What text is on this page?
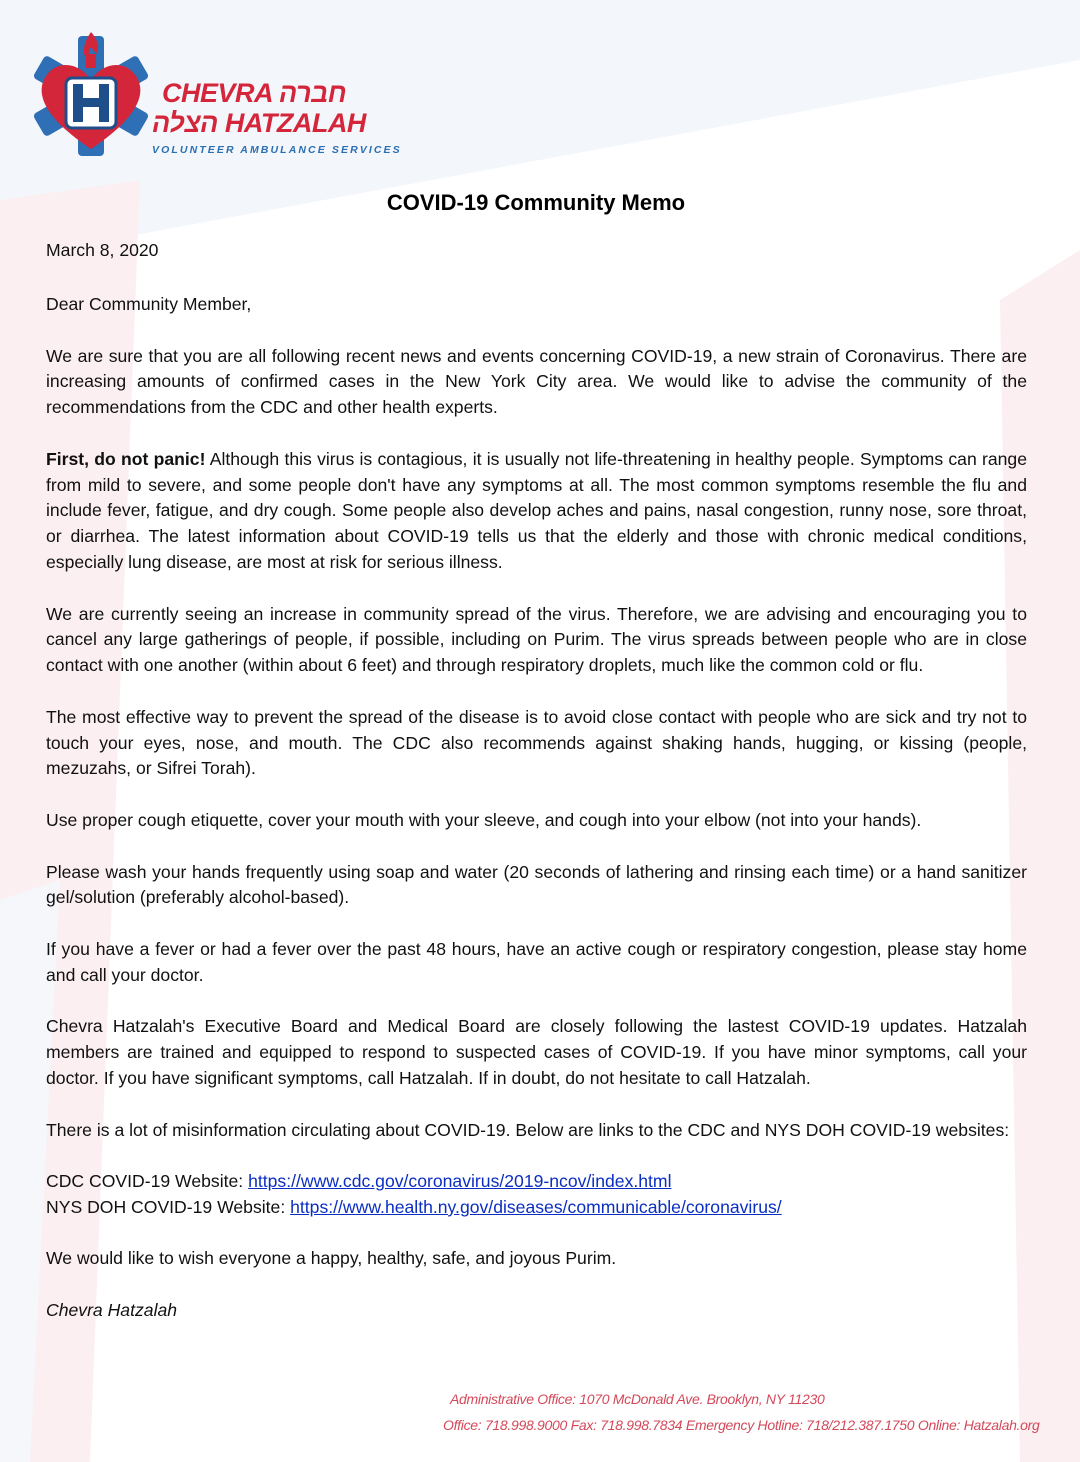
CHEVRA חברה
הצלה HATZALAH
VOLUNTEER AMBULANCE SERVICES
COVID-19 Community Memo

March 8, 2020

Dear Community Member,

We are sure that you are all following recent news and events concerning COVID-19, a new strain of Coronavirus. There are increasing amounts of confirmed cases in the New York City area. We would like to advise the community of the recommendations from the CDC and other health experts.

First, do not panic! Although this virus is contagious, it is usually not life-threatening in healthy people. Symptoms can range from mild to severe, and some people don't have any symptoms at all. The most common symptoms resemble the flu and include fever, fatigue, and dry cough. Some people also develop aches and pains, nasal congestion, runny nose, sore throat, or diarrhea. The latest information about COVID-19 tells us that the elderly and those with chronic medical conditions, especially lung disease, are most at risk for serious illness.

We are currently seeing an increase in community spread of the virus. Therefore, we are advising and encouraging you to cancel any large gatherings of people, if possible, including on Purim. The virus spreads between people who are in close contact with one another (within about 6 feet) and through respiratory droplets, much like the common cold or flu.

The most effective way to prevent the spread of the disease is to avoid close contact with people who are sick and try not to touch your eyes, nose, and mouth. The CDC also recommends against shaking hands, hugging, or kissing (people, mezuzahs, or Sifrei Torah).

Use proper cough etiquette, cover your mouth with your sleeve, and cough into your elbow (not into your hands).

Please wash your hands frequently using soap and water (20 seconds of lathering and rinsing each time) or a hand sanitizer gel/solution (preferably alcohol-based).

If you have a fever or had a fever over the past 48 hours, have an active cough or respiratory congestion, please stay home and call your doctor.

Chevra Hatzalah's Executive Board and Medical Board are closely following the lastest COVID-19 updates. Hatzalah members are trained and equipped to respond to suspected cases of COVID-19. If you have minor symptoms, call your doctor. If you have significant symptoms, call Hatzalah. If in doubt, do not hesitate to call Hatzalah.

There is a lot of misinformation circulating about COVID-19. Below are links to the CDC and NYS DOH COVID-19 websites:

CDC COVID-19 Website: https://www.cdc.gov/coronavirus/2019-ncov/index.html

NYS DOH COVID-19 Website: https://www.health.ny.gov/diseases/communicable/coronavirus/

We would like to wish everyone a happy, healthy, safe, and joyous Purim.

Chevra Hatzalah

Administrative Office: 1070 McDonald Ave. Brooklyn, NY 11230
Office: 718.998.9000 Fax: 718.998.7834 Emergency Hotline: 718/212.387.1750 Online: Hatzalah.org
